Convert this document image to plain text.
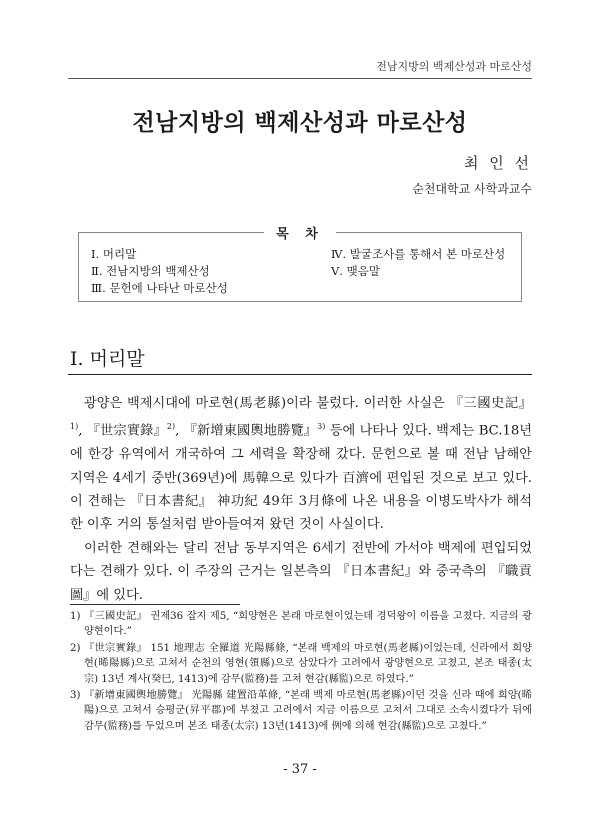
전남지방의 백제산성과 마로산성
전남지방의 백제산성과 마로산성
최 인 선
순천대학교 사학과교수
목 차
Ⅰ. 머리말
Ⅱ. 전남지방의 백제산성
Ⅲ. 문헌에 나타난 마로산성
Ⅳ. 발굴조사를 통해서 본 마로산성
Ⅴ. 맺음말
Ⅰ. 머리말

광양은 백제시대에 마로현(馬老縣)이라 불렀다. 이러한 사실은 『三國史記』$^{1)}$, 『世宗實錄』$^{2)}$, 『新增東國輿地勝覽』$^{3)}$ 등에 나타나 있다. 백제는 BC.18년에 한강 유역에서 개국하여 그 세력을 확장해 갔다. 문헌으로 볼 때 전남 남해안 지역은 4세기 중반(369년)에 馬韓으로 있다가 百濟에 편입된 것으로 보고 있다. 이 견해는 『日本書紀』 神功紀 49年 3月條에 나온 내용을 이병도박사가 해석한 이후 거의 통설처럼 받아들여져 왔던 것이 사실이다.

이러한 견해와는 달리 전남 동부지역은 6세기 전반에 가서야 백제에 편입되었다는 견해가 있다. 이 주장의 근거는 일본측의 『日本書紀』와 중국측의 『職貢圖』에 있다.

1) 『三國史記』 권제36 잡지 제5, “희양현은 본래 마로현이었는데 경덕왕이 이름을 고쳤다. 지금의 광양현이다.”
2) 『世宗實錄』 151 地理志 全羅道 光陽縣條, “본래 백제의 마로현(馬老縣)이었는데, 신라에서 희양현(晞陽縣)으로 고쳐서 순천의 영현(領縣)으로 삼았다가 고려에서 광양현으로 고쳤고, 본조 태종(太宗) 13년 계사(癸巳, 1413)에 감무(監務)를 고쳐 현감(縣監)으로 하였다.”
3) 『新增東國輿地勝覽』 光陽縣 建置沿革條, “본래 백제 마로현(馬老縣)이던 것을 신라 때에 희양(晞陽)으로 고쳐서 승평군(昇平郡)에 부쳤고 고려에서 지금 이름으로 고쳐서 그대로 소속시켰다가 뒤에 감무(監務)를 두었으며 본조 태종(太宗) 13년(1413)에 例에 의해 현감(縣監)으로 고쳤다.”
- 37 -
